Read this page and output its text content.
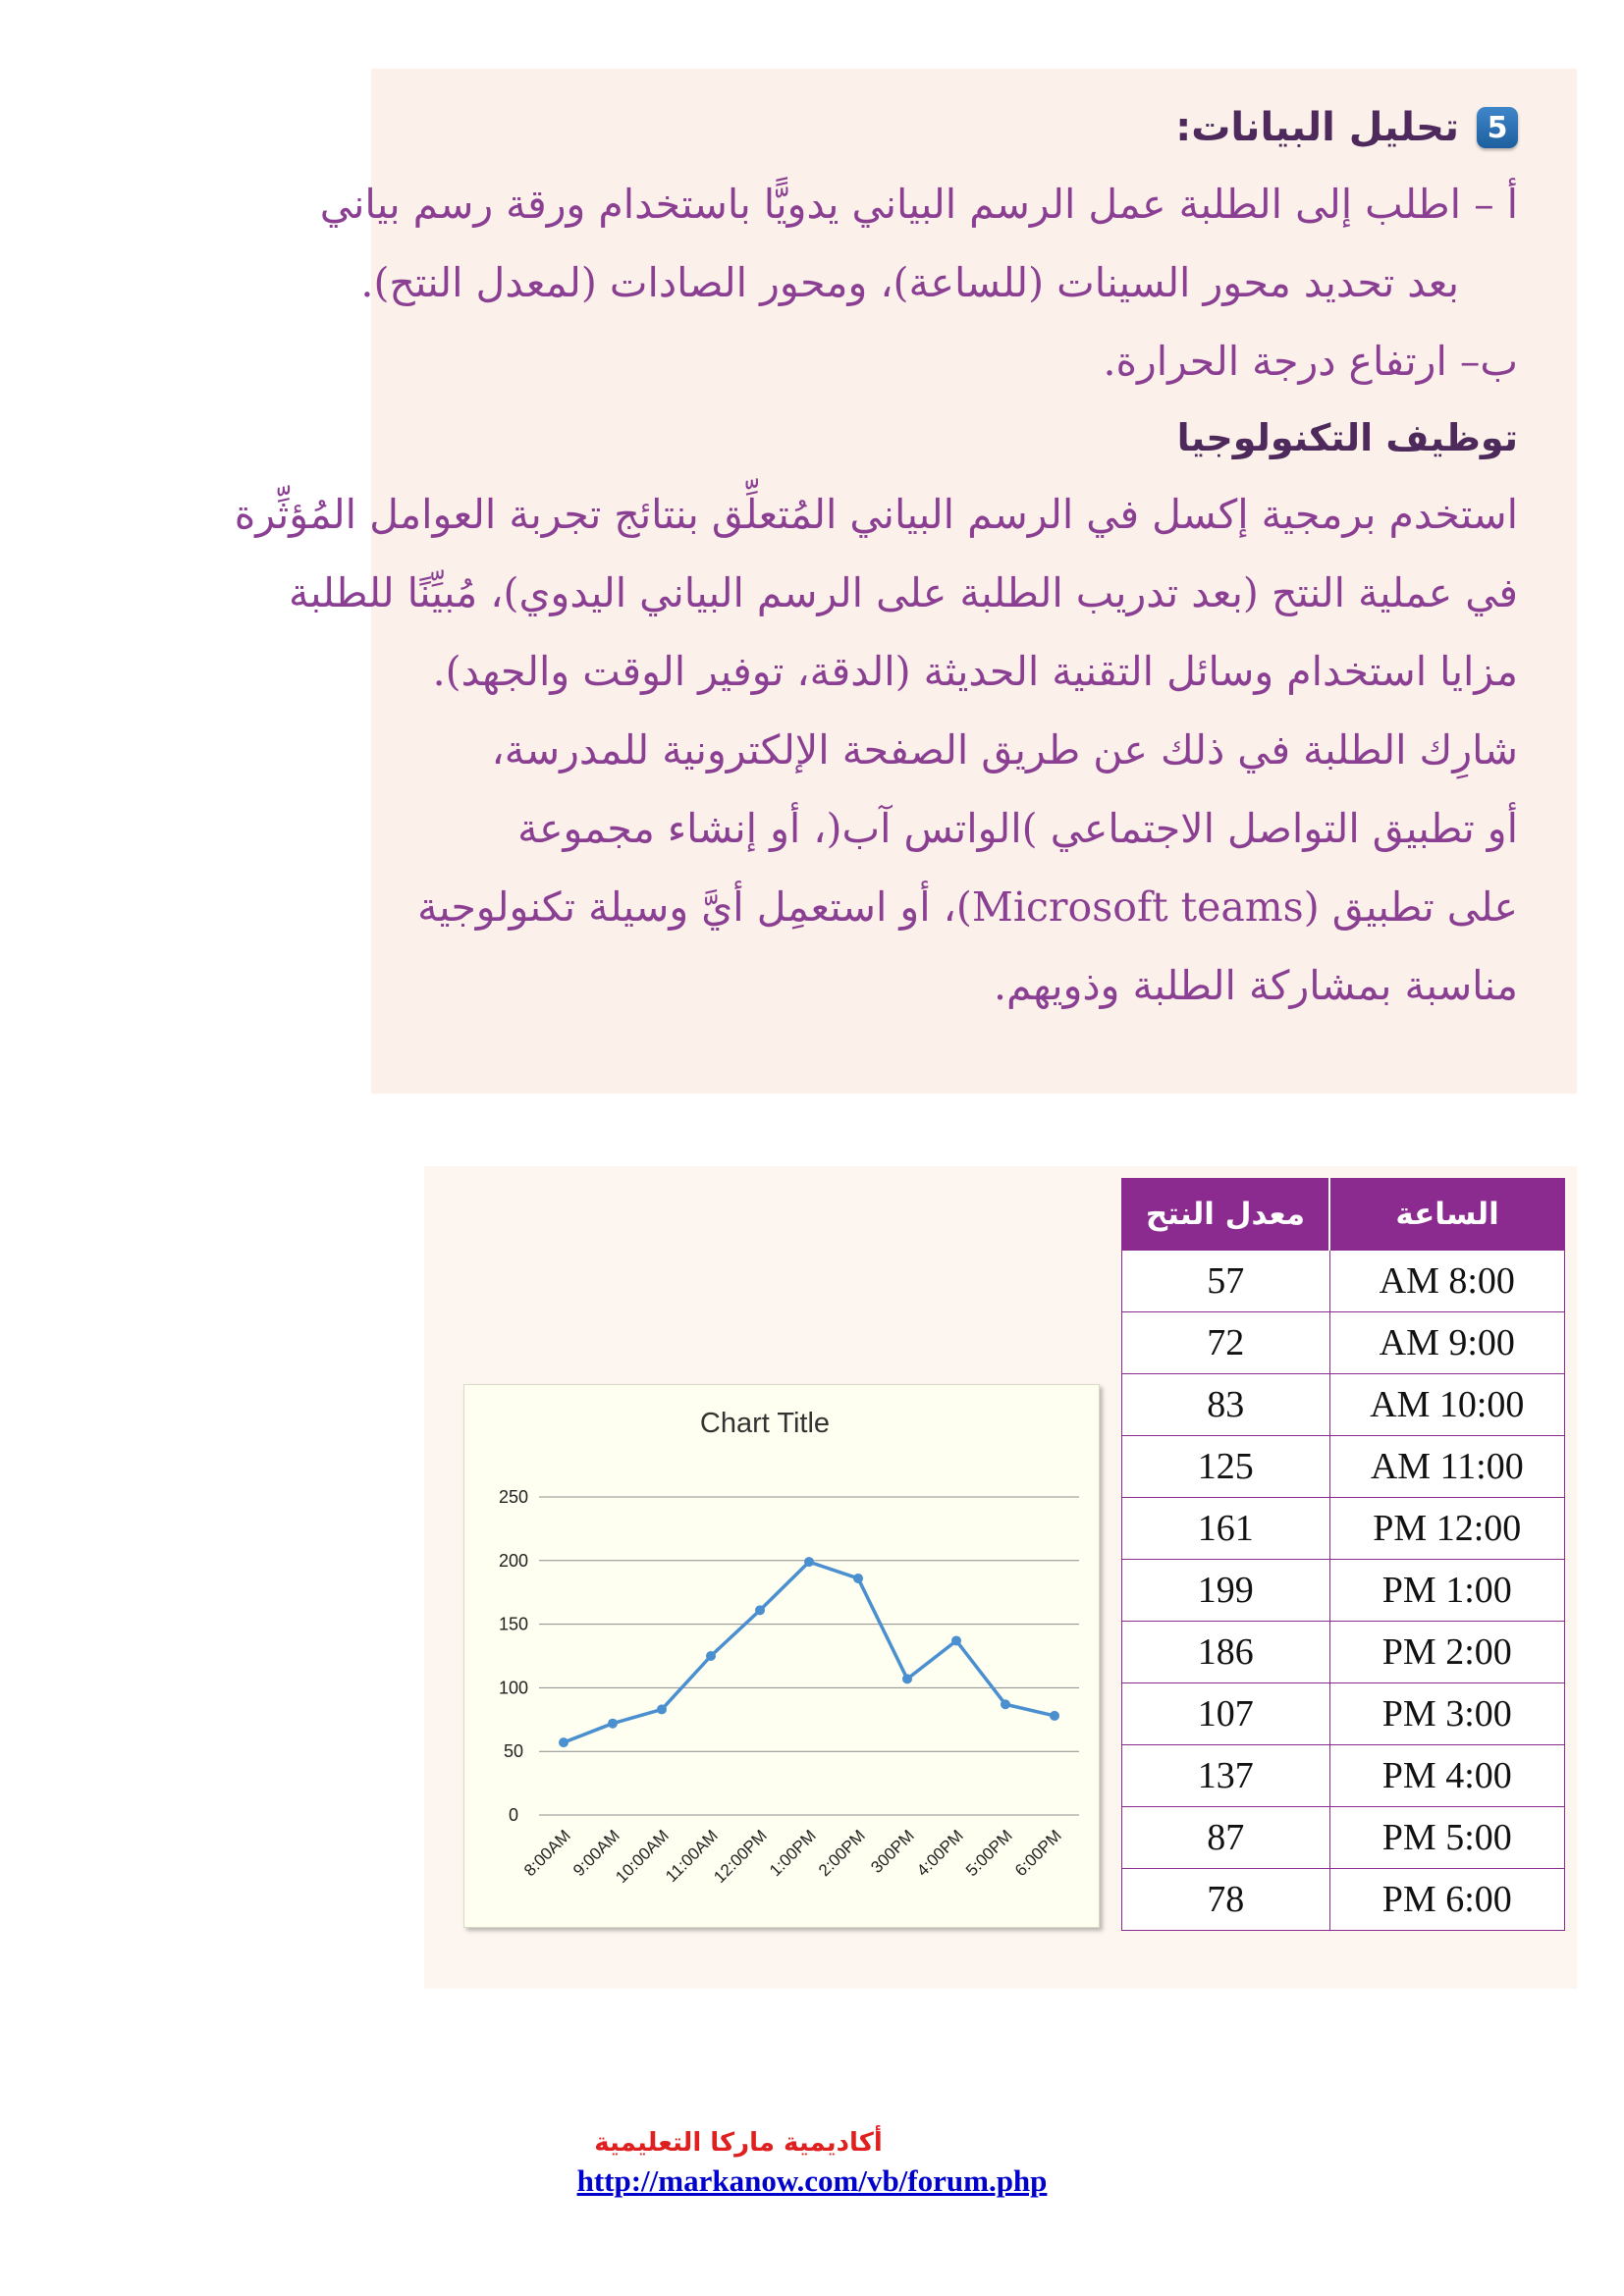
5
تحليل البيانات:
أ – اطلب إلى الطلبة عمل الرسم البياني يدويًّا باستخدام ورقة رسم بياني
بعد تحديد محور السينات (للساعة)، ومحور الصادات (لمعدل النتح).
ب– ارتفاع درجة الحرارة.
توظيف التكنولوجيا
استخدم برمجية إكسل في الرسم البياني المُتعلِّق بنتائج تجربة العوامل المُؤثِّرة
في عملية النتح (بعد تدريب الطلبة على الرسم البياني اليدوي)، مُبيِّنًا للطلبة
مزايا استخدام وسائل التقنية الحديثة (الدقة، توفير الوقت والجهد).
شارِك الطلبة في ذلك عن طريق الصفحة الإلكترونية للمدرسة،
أو تطبيق التواصل الاجتماعي )الواتس آب(، أو إنشاء مجموعة
على تطبيق (Microsoft teams)، أو استعمِل أيَّ وسيلة تكنولوجية
مناسبة بمشاركة الطلبة وذويهم.
Chart Title
0
50
100
150
200
250
8:00AM
9:00AM
10:00AM
11:00AM
12:00PM
1:00PM
2:00PM
300PM
4:00PM
5:00PM
6:00PM
الساعة	معدل النتح
AM 8:00	57
AM 9:00	72
AM 10:00	83
AM 11:00	125
PM 12:00	161
PM 1:00	199
PM 2:00	186
PM 3:00	107
PM 4:00	137
PM 5:00	87
PM 6:00	78
أكاديمية ماركا التعليمية
http://markanow.com/vb/forum.php
